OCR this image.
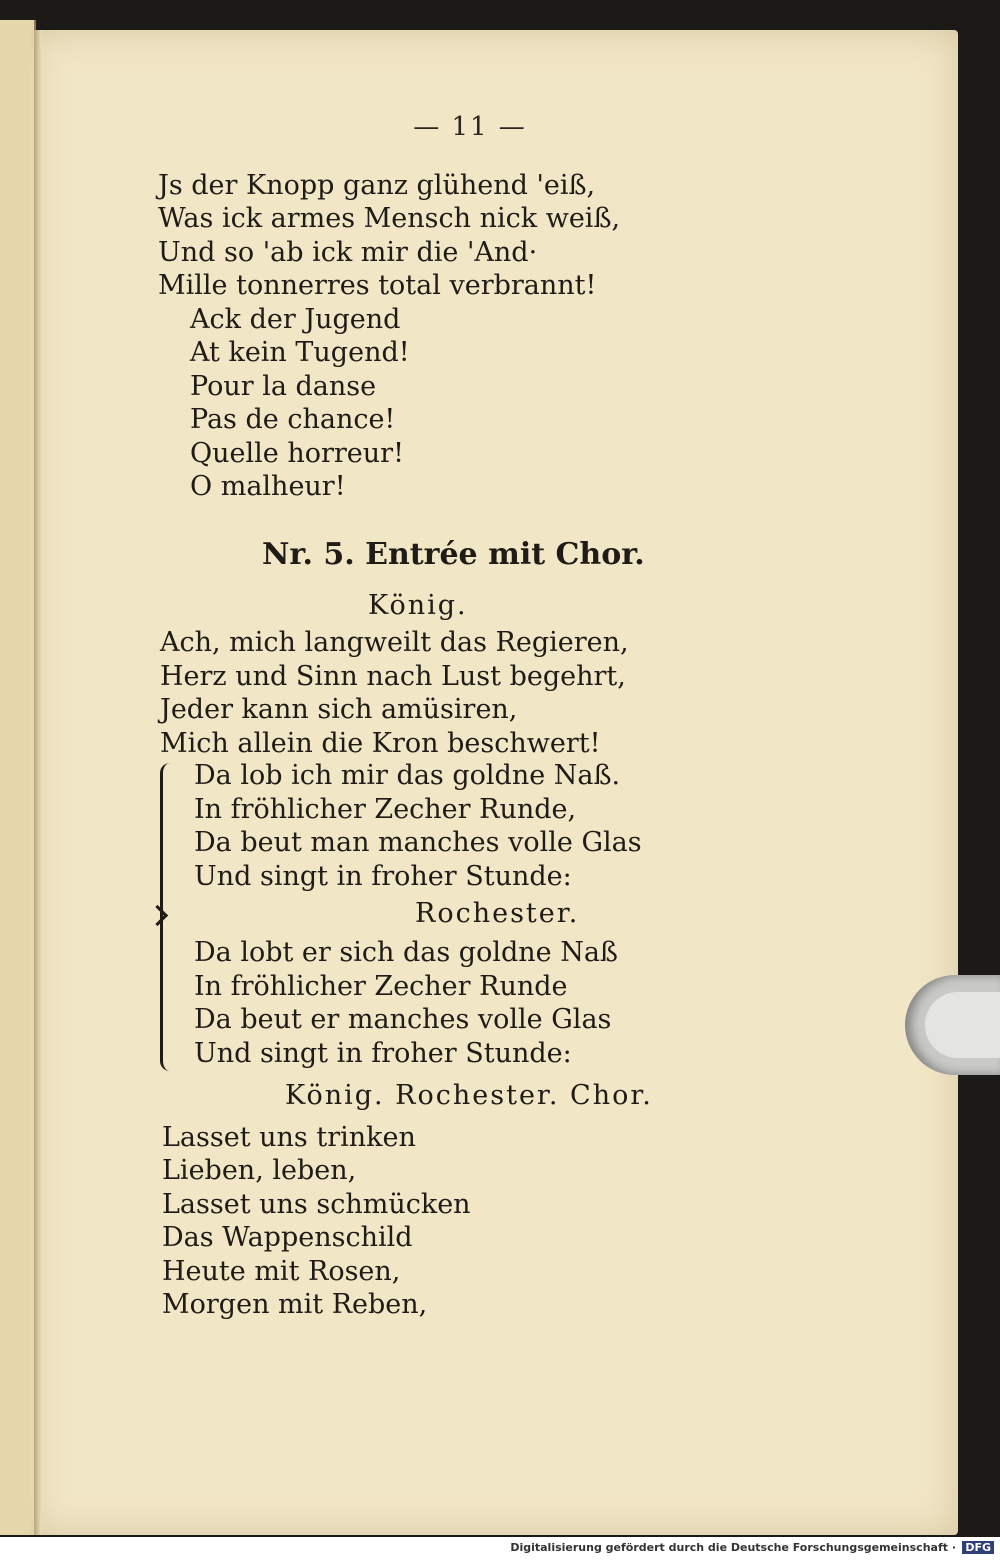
— 11 —
Js der Knopp ganz glühend 'eiß,
Was ick armes Mensch nick weiß,
Und so 'ab ick mir die 'And·
Mille tonnerres total verbrannt!
Ack der Jugend
At kein Tugend!
Pour la danse
Pas de chance!
Quelle horreur!
O malheur!
Nr. 5. Entrée mit Chor.
König.
Ach, mich langweilt das Regieren,
Herz und Sinn nach Lust begehrt,
Jeder kann sich amüsiren,
Mich allein die Kron beschwert!
Da lob ich mir das goldne Naß.
In fröhlicher Zecher Runde,
Da beut man manches volle Glas
Und singt in froher Stunde:
Rochester.
Da lobt er sich das goldne Naß
In fröhlicher Zecher Runde
Da beut er manches volle Glas
Und singt in froher Stunde:
König. Rochester. Chor.
Lasset uns trinken
Lieben, leben,
Lasset uns schmücken
Das Wappenschild
Heute mit Rosen,
Morgen mit Reben,
Digitalisierung gefördert durch die Deutsche Forschungsgemeinschaft · DFG
